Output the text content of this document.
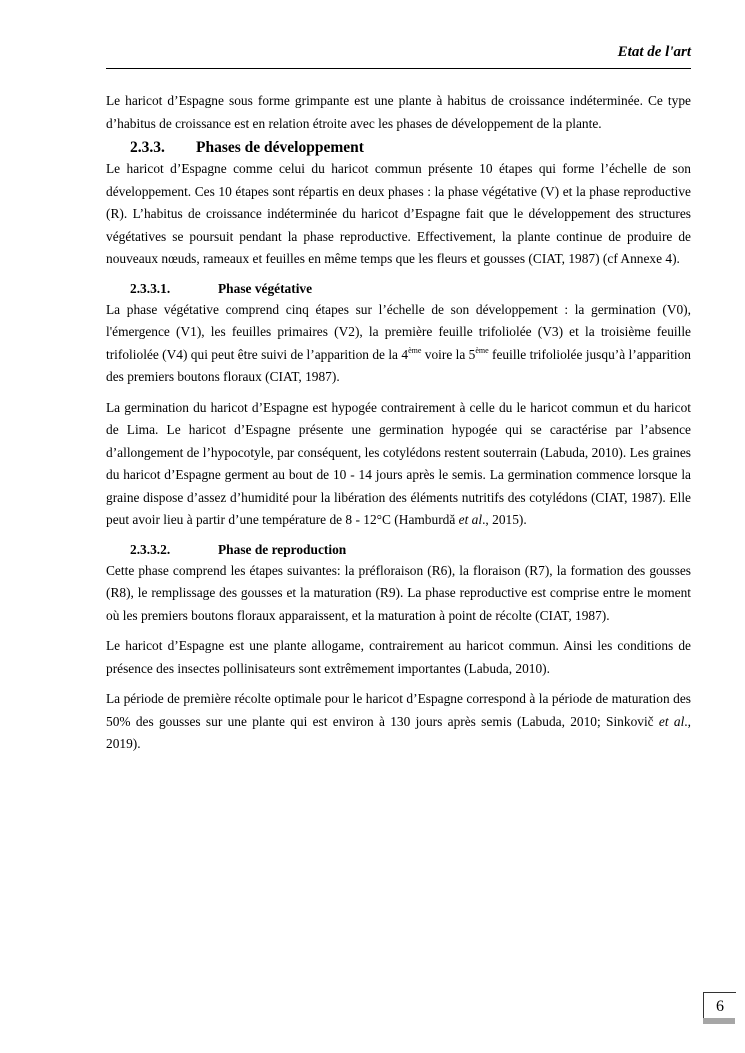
Etat de l'art

Le haricot d’Espagne sous forme grimpante est une plante à habitus de croissance indéterminée. Ce type d’habitus de croissance est en relation étroite avec les phases de développement de la plante.

2.3.3.	Phases de développement

Le haricot d’Espagne comme celui du haricot commun présente 10 étapes qui forme l’échelle de son développement. Ces 10 étapes sont répartis en deux phases : la phase végétative (V) et la phase reproductive (R). L’habitus de croissance indéterminée du haricot d’Espagne fait que le développement des structures végétatives se poursuit pendant la phase reproductive. Effectivement, la plante continue de produire de nouveaux nœuds, rameaux et feuilles en même temps que les fleurs et gousses (CIAT, 1987) (cf Annexe 4).

2.3.3.1.	Phase végétative

La phase végétative comprend cinq étapes sur l’échelle de son développement : la germination (V0), l'émergence (V1), les feuilles primaires (V2), la première feuille trifoliolée (V3) et la troisième feuille trifoliolée (V4) qui peut être suivi de l’apparition de la 4ème voire la 5ème feuille trifoliolée jusqu’à l’apparition des premiers boutons floraux (CIAT, 1987).

La germination du haricot d’Espagne est hypogée contrairement à celle du le haricot commun et du haricot de Lima. Le haricot d’Espagne présente une germination hypogée qui se caractérise par l’absence d’allongement de l’hypocotyle, par conséquent, les cotylédons restent souterrain (Labuda, 2010). Les graines du haricot d’Espagne germent au bout de 10 - 14 jours après le semis. La germination commence lorsque la graine dispose d’assez d’humidité pour la libération des éléments nutritifs des cotylédons (CIAT, 1987). Elle peut avoir lieu à partir d’une température de 8 - 12°C (Hamburdă et al., 2015).

2.3.3.2.	Phase de reproduction

Cette phase comprend les étapes suivantes: la préfloraison (R6), la floraison (R7), la formation des gousses (R8), le remplissage des gousses et la maturation (R9). La phase reproductive est comprise entre le moment où les premiers boutons floraux apparaissent, et la maturation à point de récolte (CIAT, 1987).

Le haricot d’Espagne est une plante allogame, contrairement au haricot commun. Ainsi les conditions de présence des insectes pollinisateurs sont extrêmement importantes (Labuda, 2010).

La période de première récolte optimale pour le haricot d’Espagne correspond à la période de maturation des 50% des gousses sur une plante qui est environ à 130 jours après semis (Labuda, 2010; Sinkovič et al., 2019).

6
